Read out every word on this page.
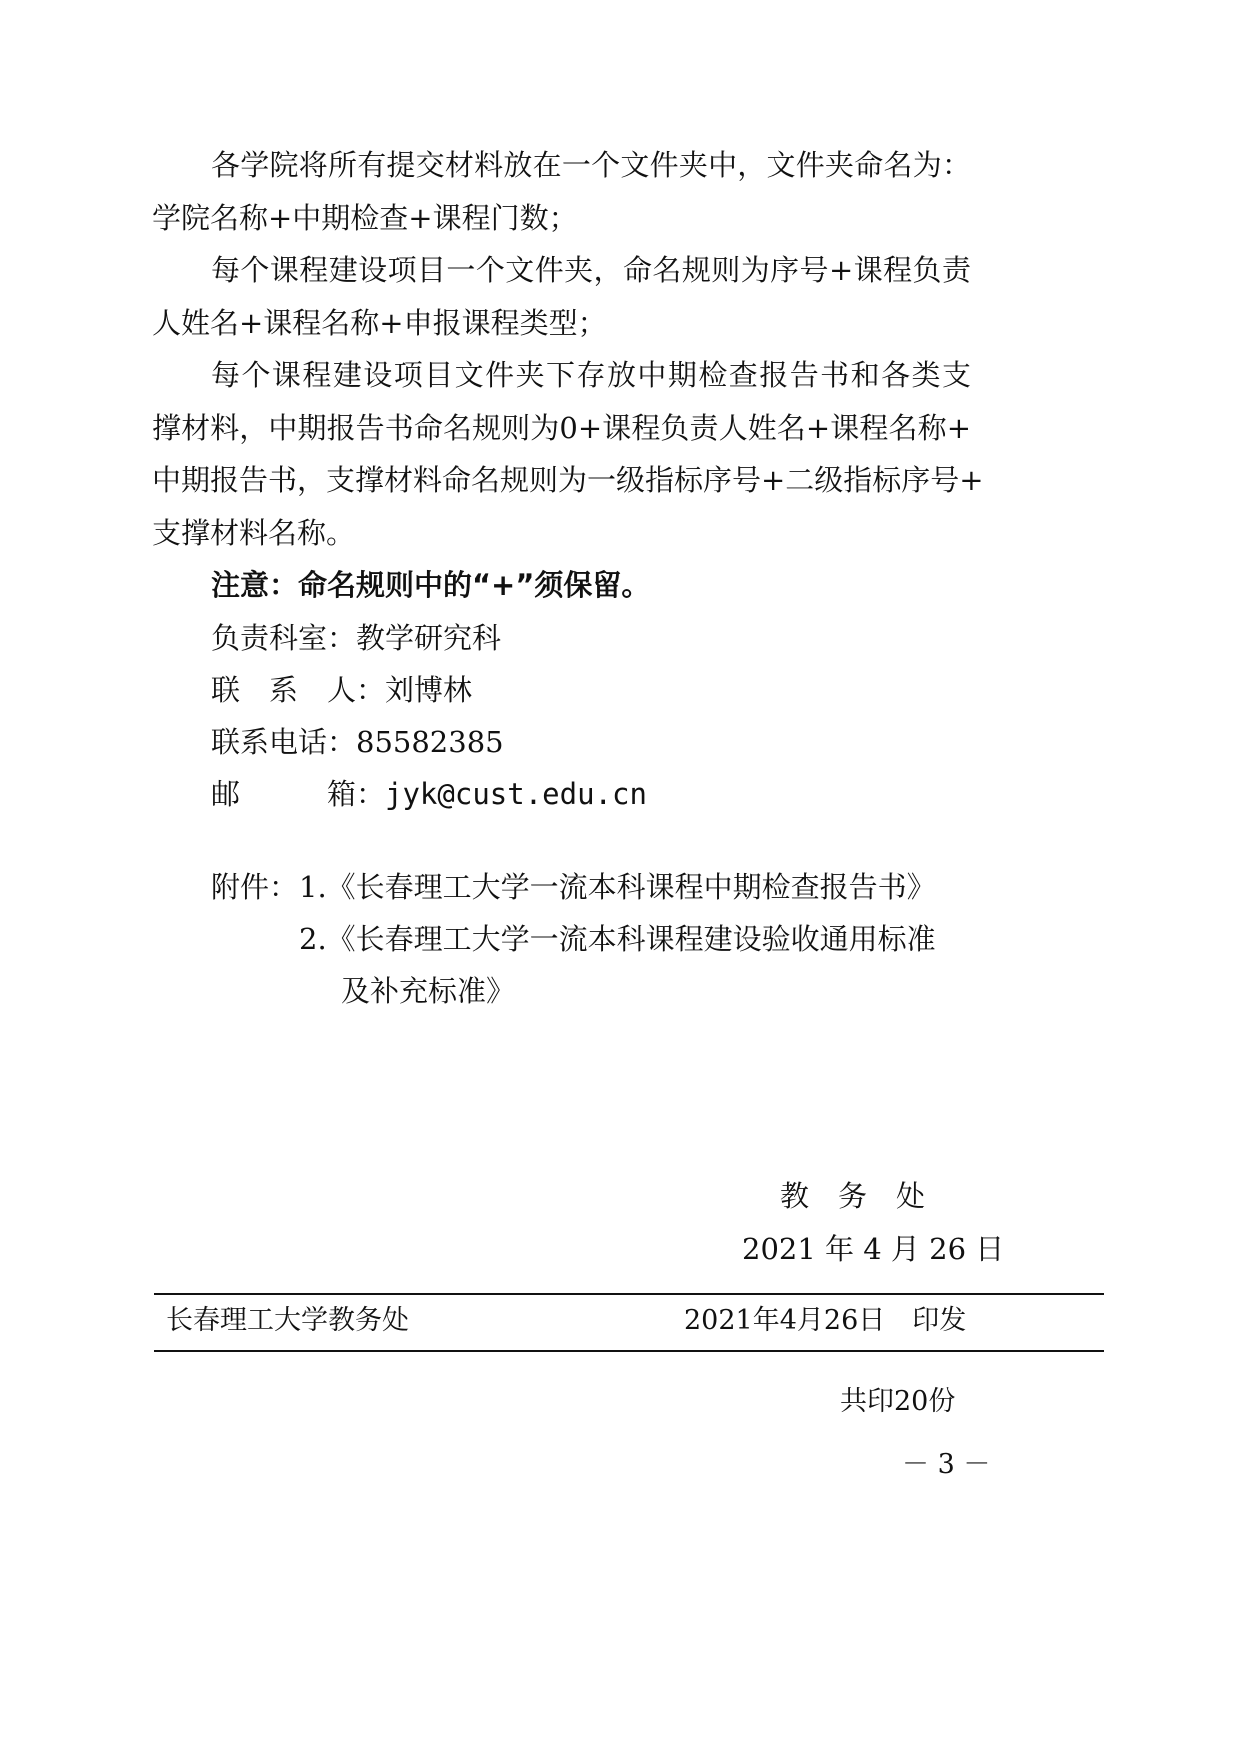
各学院将所有提交材料放在一个文件夹中，文件夹命名为：
学院名称+中期检查+课程门数；
每个课程建设项目一个文件夹，命名规则为序号+课程负责
人姓名+课程名称+申报课程类型；
每个课程建设项目文件夹下存放中期检查报告书和各类支
撑材料，中期报告书命名规则为0+课程负责人姓名+课程名称+
中期报告书，支撑材料命名规则为一级指标序号+二级指标序号+
支撑材料名称。
注意：命名规则中的“+”须保留。
负责科室：教学研究科
联　系　人：刘博林
联系电话：85582385
邮　　　箱：jyk@cust.edu.cn
附件： 1.《长春理工大学一流本科课程中期检查报告书》
2.《长春理工大学一流本科课程建设验收通用标准
及补充标准》
教　务　处
2021 年 4 月 26 日
长春理工大学教务处	2021年4月26日　印发
共印20份
－ 3 －
